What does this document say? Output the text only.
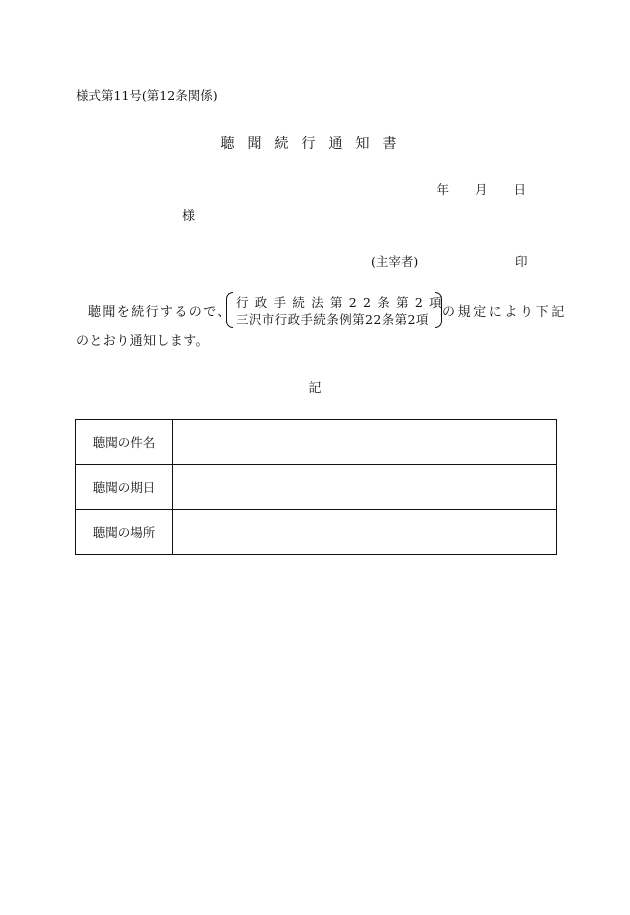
様式第11号(第12条関係)
聴聞続行通知書
年 月 日
様
(主宰者)	印
聴聞を続行するので、
行政手続法第22条第2項
三沢市行政手続条例第22条第2項 の規定により下記
のとおり通知します。
記
聴聞の件名	
聴聞の期日	
聴聞の場所	
